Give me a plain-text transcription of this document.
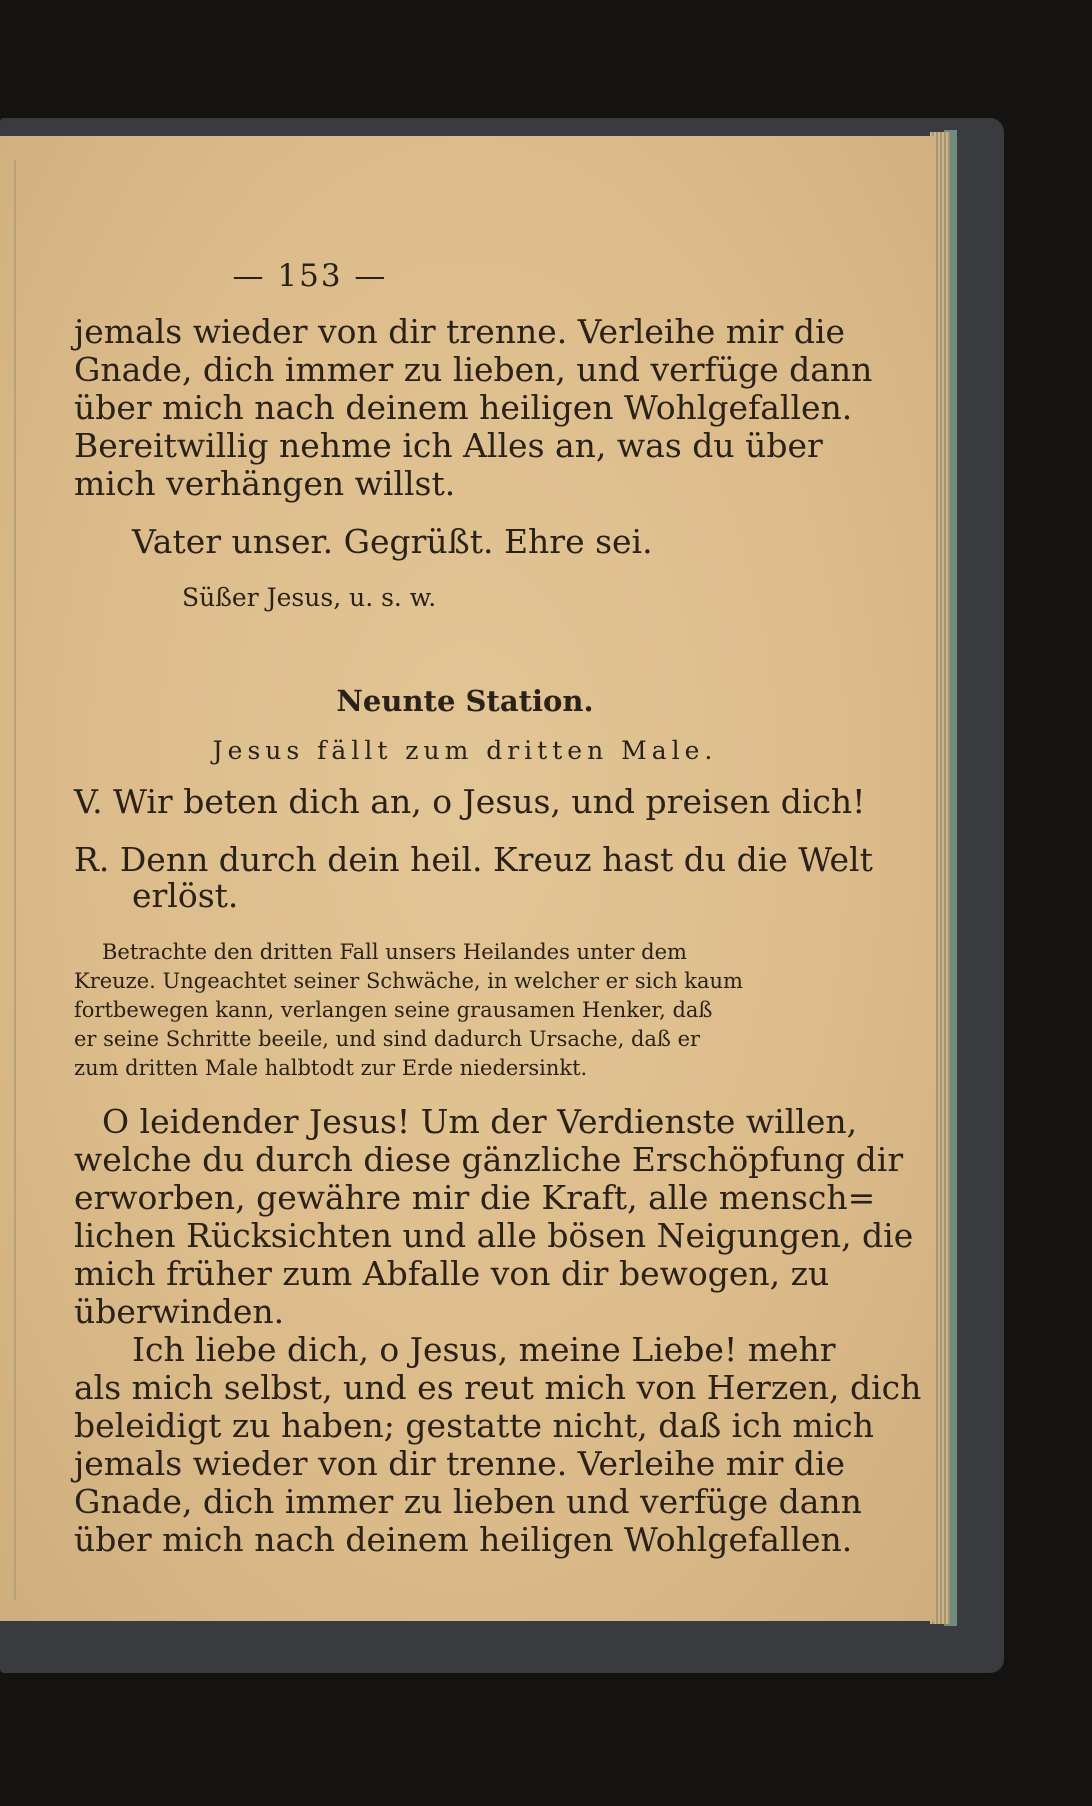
— 153 —

jemals wieder von dir trenne. Verleihe mir die

Gnade, dich immer zu lieben, und verfüge dann

über mich nach deinem heiligen Wohlgefallen.

Bereitwillig nehme ich Alles an, was du über

mich verhängen willst.

Vater unser. Gegrüßt. Ehre sei.

Süßer Jesus, u. s. w.

Neunte Station.

Jesus fällt zum dritten Male.

V. Wir beten dich an, o Jesus, und preisen dich!

R. Denn durch dein heil. Kreuz hast du die Welt

erlöst.

Betrachte den dritten Fall unsers Heilandes unter dem

Kreuze. Ungeachtet seiner Schwäche, in welcher er sich kaum

fortbewegen kann, verlangen seine grausamen Henker, daß

er seine Schritte beeile, und sind dadurch Ursache, daß er

zum dritten Male halbtodt zur Erde niedersinkt.

O leidender Jesus! Um der Verdienste willen,

welche du durch diese gänzliche Erschöpfung dir

erworben, gewähre mir die Kraft, alle mensch=

lichen Rücksichten und alle bösen Neigungen, die

mich früher zum Abfalle von dir bewogen, zu

überwinden.

Ich liebe dich, o Jesus, meine Liebe! mehr

als mich selbst, und es reut mich von Herzen, dich

beleidigt zu haben; gestatte nicht, daß ich mich

jemals wieder von dir trenne. Verleihe mir die

Gnade, dich immer zu lieben und verfüge dann

über mich nach deinem heiligen Wohlgefallen.
